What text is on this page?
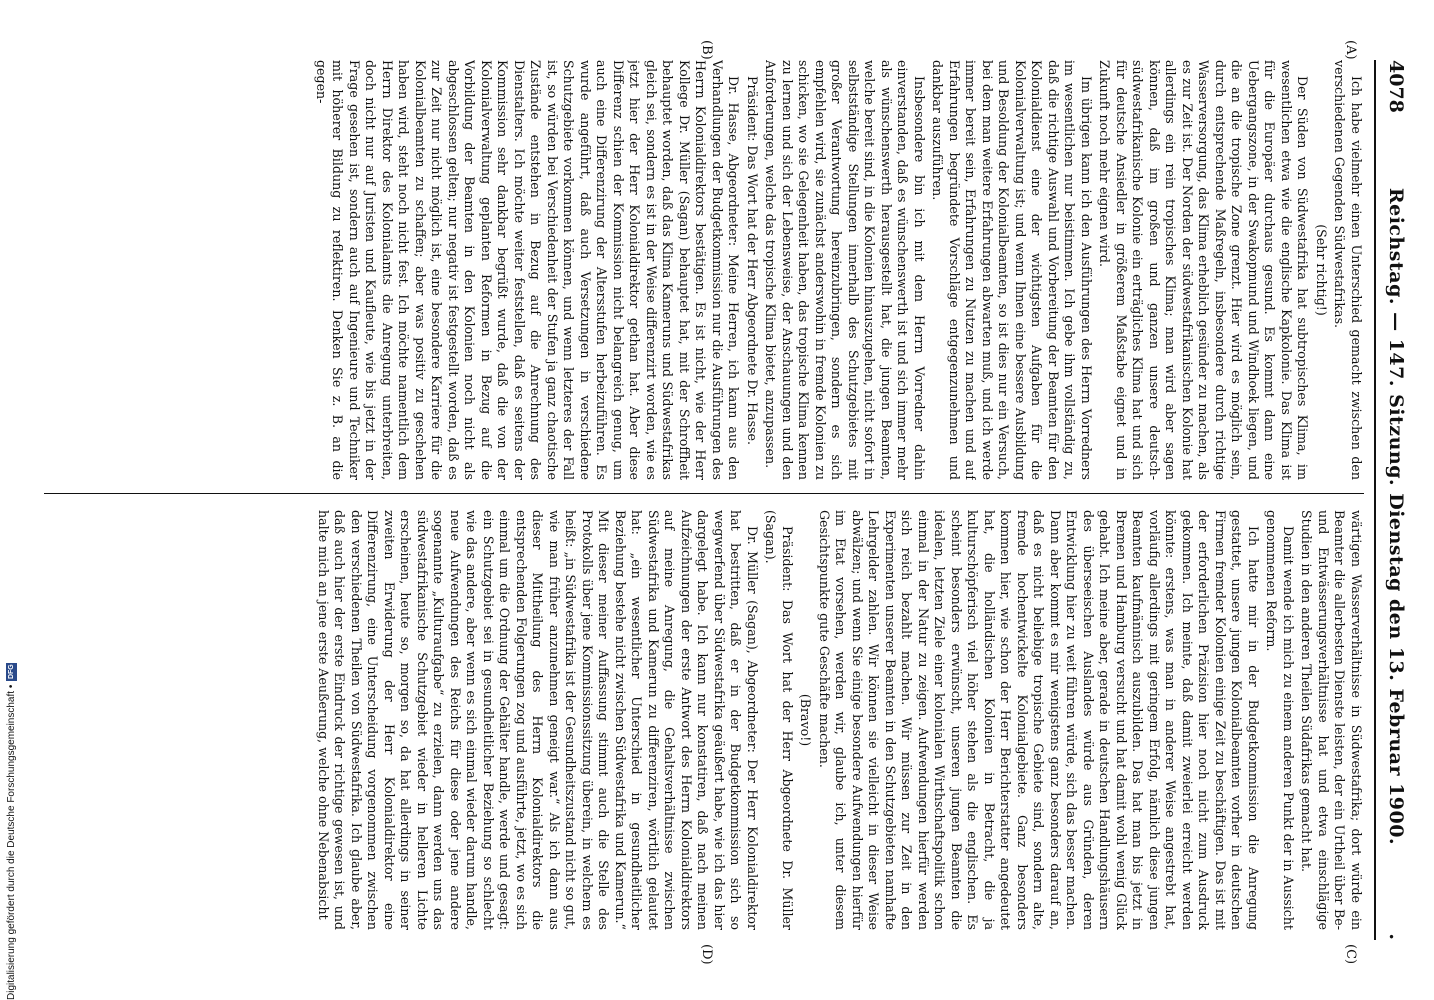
4078
Reichstag. — 147. Sitzung. Dienstag den 13. Februar 1900.
.
(A)
(B)
(C)
(D)

Ich habe vielmehr einen Unterschied gemacht zwischen den verschiedenen Gegenden Südwestafrikas.

(Sehr richtig!)

Der Süden von Südwestafrika hat subtropisches Klima, im wesentlichen etwa wie die englische Kapkolonie. Das Klima ist für die Europäer durchaus gesund. Es kommt dann eine Uebergangszone, in der Swakopmund und Windhoek liegen, und die an die tropische Zone grenzt. Hier wird es möglich sein, durch entsprechende Maßregeln, insbesondere durch richtige Wasserversorgung, das Klima erheblich gesünder zu machen, als es zur Zeit ist. Der Norden der südwestafrikanischen Kolonie hat allerdings ein rein tropisches Klima; man wird aber sagen können, daß im großen und ganzen unsere deutsch-südwestafrikanische Kolonie ein erträgliches Klima hat und sich für deutsche Ansiedler in größerem Maßstabe eignet und in Zukunft noch mehr eignen wird.

Im übrigen kann ich den Ausführungen des Herrn Vorredners im wesentlichen nur beistimmen. Ich gebe ihm vollständig zu, daß die richtige Auswahl und Vorbereitung der Beamten für den Kolonialdienst eine der wichtigsten Aufgaben für die Kolonialverwaltung ist; und wenn Ihnen eine bessere Ausbildung und Besoldung der Kolonialbeamten, so ist dies nur ein Versuch, bei dem man weitere Erfahrungen abwarten muß, und ich werde immer bereit sein, Erfahrungen zu Nutzen zu machen und auf Erfahrungen begründete Vorschläge entgegenzunehmen und dankbar auszuführen.

Insbesondere bin ich mit dem Herrn Vorredner dahin einverstanden, daß es wünschenswerth ist und sich immer mehr als wünschenswerth herausgestellt hat, die jungen Beamten, welche bereit sind, in die Kolonien hinauszugehen, nicht sofort in selbstständige Stellungen innerhalb des Schutzgebietes mit großer Verantwortung hereinzubringen, sondern es sich empfehlen wird, sie zunächst anderswohin in fremde Kolonien zu schicken, wo sie Gelegenheit haben, das tropische Klima kennen zu lernen und sich der Lebensweise, der Anschauungen und den Anforderungen, welche das tropische Klima bietet, anzupassen.

Präsident: Das Wort hat der Herr Abgeordnete Dr. Hasse.

Dr. Hasse, Abgeordneter: Meine Herren, ich kann aus den Verhandlungen der Budgetkommission nur die Ausführungen des Herrn Kolonialdirektors bestätigen. Es ist nicht, wie der Herr Kollege Dr. Müller (Sagan) behauptet hat, mit der Schroffheit behauptet worden, daß das Klima Kameruns und Südwestafrikas gleich sei, sondern es ist in der Weise differenzirt worden, wie es jetzt hier der Herr Kolonialdirektor gethan hat. Aber diese Differenz schien der Kommission nicht belangreich genug, um auch eine Differenzirung der Altersstufen herbeizuführen. Es wurde angeführt, daß auch Versetzungen in verschiedene Schutzgebiete vorkommen können, und wenn letzteres der Fall ist, so würden bei Verschiedenheit der Stufen ja ganz chaotische Zustände entstehen in Bezug auf die Anrechnung des Dienstalters. Ich möchte weiter feststellen, daß es seitens der Kommission sehr dankbar begrüßt wurde, daß die von der Kolonialverwaltung geplanten Reformen in Bezug auf die Vorbildung der Beamten in den Kolonien noch nicht als abgeschlossen gelten; nur negativ ist festgestellt worden, daß es zur Zeit nur nicht möglich ist, eine besondere Karriere für die Kolonialbeamten zu schaffen; aber was positiv zu geschehen haben wird, steht noch nicht fest. Ich möchte namentlich dem Herrn Direktor des Kolonialamts die Anregung unterbreiten, doch nicht nur auf Juristen und Kaufleute, wie bis jetzt in der Frage gesehen ist, sondern auch auf Ingenieure und Techniker mit höherer Bildung zu reflektiren. Denken Sie z. B. an die gegen-

wärtigen Wasserverhältnisse in Südwestafrika; dort würde ein Beamter die allerbesten Dienste leisten, der ein Urtheil über Be- und Entwässerungsverhältnisse hat und etwa einschlägige Studien in den anderen Theilen Südafrikas gemacht hat.

Damit wende ich mich zu einem anderen Punkt der in Aussicht genommenen Reform.

Ich hatte mir in der Budgetkommission die Anregung gestattet, unsere jungen Kolonialbeamten vorher in deutschen Firmen fremder Kolonien einige Zeit zu beschäftigen. Das ist mit der erforderlichen Präzision hier noch nicht zum Ausdruck gekommen. Ich meinte, daß damit zweierlei erreicht werden könnte: erstens, was man in anderer Weise angestrebt hat, vorläufig allerdings mit geringem Erfolg, nämlich diese jungen Beamten kaufmännisch auszubilden. Das hat man bis jetzt in Bremen und Hamburg versucht und hat damit wohl wenig Glück gehabt. Ich meine aber, gerade in deutschen Handlungshäusern des überseeischen Auslandes würde aus Gründen, deren Entwicklung hier zu weit führen würde, sich das besser machen. Dann aber kommt es mir wenigstens ganz besonders darauf an, daß es nicht beliebige tropische Gebiete sind, sondern alte, fremde hochentwickelte Kolonialgebiete. Ganz besonders kommen hier, wie schon der Herr Berichterstatter angedeutet hat, die holländischen Kolonien in Betracht, die ja kulturschöpferisch viel höher stehen als die englischen. Es scheint besonders erwünscht, unseren jungen Beamten die idealen, letzten Ziele einer kolonialen Wirthschaftspolitik schon einmal in der Natur zu zeigen. Aufwendungen hierfür werden sich reich bezahlt machen. Wir müssen zur Zeit in den Experimenten unserer Beamten in den Schutzgebieten namhafte Lehrgelder zahlen. Wir können sie vielleicht in dieser Weise abwälzen; und wenn Sie einige besondere Aufwendungen hierfür im Etat vorsehen, werden wir, glaube ich, unter diesem Gesichtspunkte gute Geschäfte machen.

(Bravo!)

Präsident: Das Wort hat der Herr Abgeordnete Dr. Müller (Sagan).

Dr. Müller (Sagan), Abgeordneter: Der Herr Kolonialdirektor hat bestritten, daß er in der Budgetkommission sich so wegwerfend über Südwestafrika geäußert habe, wie ich das hier dargelegt habe. Ich kann nur konstatiren, daß nach meinen Aufzeichnungen der erste Antwort des Herrn Kolonialdirektors auf meine Anregung, die Gehaltsverhältnisse zwischen Südwestafrika und Kamerun zu differenziren, wörtlich gelautet hat: „ein wesentlicher Unterschied in gesundheitlicher Beziehung bestehe nicht zwischen Südwestafrika und Kamerun.“ Mit dieser meiner Auffassung stimmt auch die Stelle des Protokolls über jene Kommissionssitzung überein, in welchem es heißt: „in Südwestafrika ist der Gesundheitszustand nicht so gut, wie man früher anzunehmen geneigt war.“ Als ich dann aus dieser Mittheilung des Herrn Kolonialdirektors die entsprechenden Folgerungen zog und ausführte, jetzt, wo es sich einmal um die Ordnung der Gehälter handle, werde und gesagt: ein Schutzgebiet sei in gesundheitlicher Beziehung so schlecht wie das andere, aber wenn es sich einmal wieder darum handle, neue Aufwendungen des Reichs für diese oder jene andere sogenannte „Kulturaufgabe“ zu erzielen, dann werden uns das südwestafrikanische Schutzgebiet wieder in helleren Lichte erscheinen, heute so, morgen so, da hat allerdings in seiner zweiten Erwiderung der Herr Kolonialdirektor eine Differenzirung, eine Unterscheidung vorgenommen zwischen den verschiedenen Theilen von Südwestafrika. Ich glaube aber, daß auch hier der erste Eindruck der richtige gewesen ist, und halte mich an jene erste Aeußerung, welche ohne Nebenabsicht

Digitalisierung gefördert durch die Deutsche Forschungsgemeinschaft •
DFG
